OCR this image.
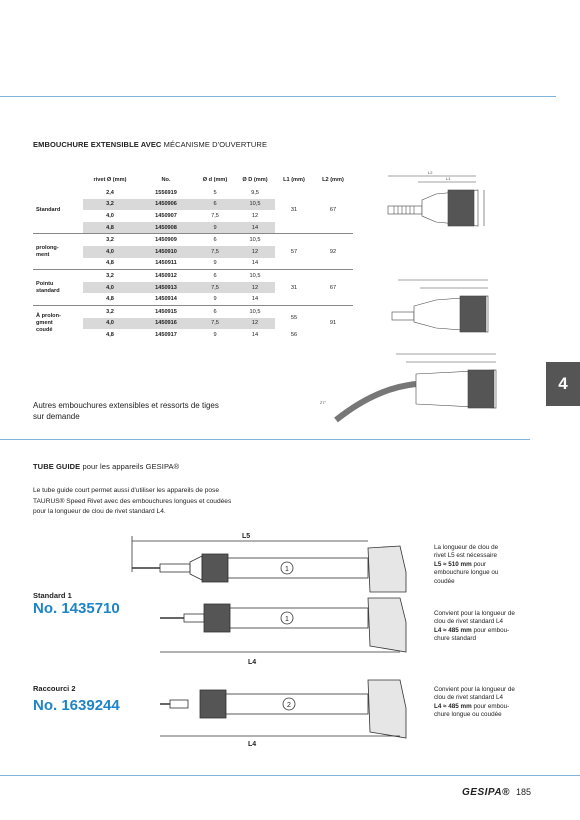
EMBOUCHURE EXTENSIBLE AVEC MÉCANISME D'OUVERTURE
	rivet Ø (mm)	No.	Ø d (mm)	Ø D (mm)	L1 (mm)	L2 (mm)
Standard	2,4	1556919	5	9,5	31	67
	3,2	1450906	6	10,5		
	4,0	1450907	7,5	12		
	4,8	1450908	9	14		
prolong-
ment	3,2	1450909	6	10,5	57	92
	4,0	1450910	7,5	12		
	4,8	1450911	9	14		
Pointu
standard	3,2	1450912	6	10,5	31	67
	4,0	1450913	7,5	12		
	4,8	1450914	9	14		
À prolon-
gment
coudé	3,2	1450915	6	10,5	55	91
	4,0	1450916	7,5	12		
	4,8	1450917	9	14	56	
L2
L1
27°
Autres embouchures extensibles et ressorts de tiges
sur demande
4
TUBE GUIDE pour les appareils GESIPA®
Le tube guide court permet aussi d'utiliser les appareils de pose
TAURUS® Speed Rivet avec des embouchures longues et coudées
pour la longueur de clou de rivet standard L4.
L5
1
1
L4
2
L4
Standard 1
No. 1435710
Raccourci 2
No. 1639244
La longueur de clou de
rivet L5 est nécessaire
L5 ≈ 510 mm pour
embouchure longue ou
coudée
Convient pour la longueur de
clou de rivet standard L4
L4 ≈ 485 mm pour embou-
chure standard
Convient pour la longueur de
clou de rivet standard L4
L4 ≈ 485 mm pour embou-
chure longue ou coudée
GESIPA® 185
